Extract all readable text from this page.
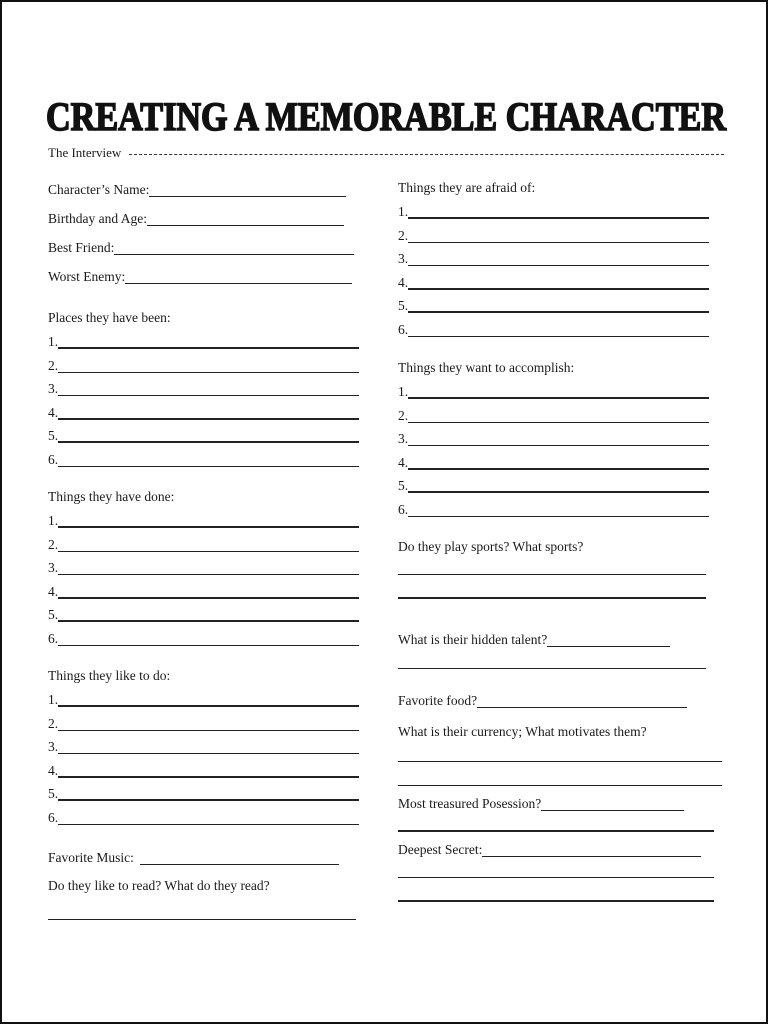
CREATING A MEMORABLE CHARACTER
The Interview
Character’s Name:
Birthday and Age:
Best Friend:
Worst Enemy:
Places they have been:
1.
2.
3.
4.
5.
6.
Things they have done:
1.
2.
3.
4.
5.
6.
Things they like to do:
1.
2.
3.
4.
5.
6.
Favorite Music:
Do they like to read? What do they read?
Things they are afraid of:
1.
2.
3.
4.
5.
6.
Things they want to accomplish:
1.
2.
3.
4.
5.
6.
Do they play sports? What sports?
What is their hidden talent?
Favorite food?
What is their currency; What motivates them?
Most treasured Posession?
Deepest Secret:
